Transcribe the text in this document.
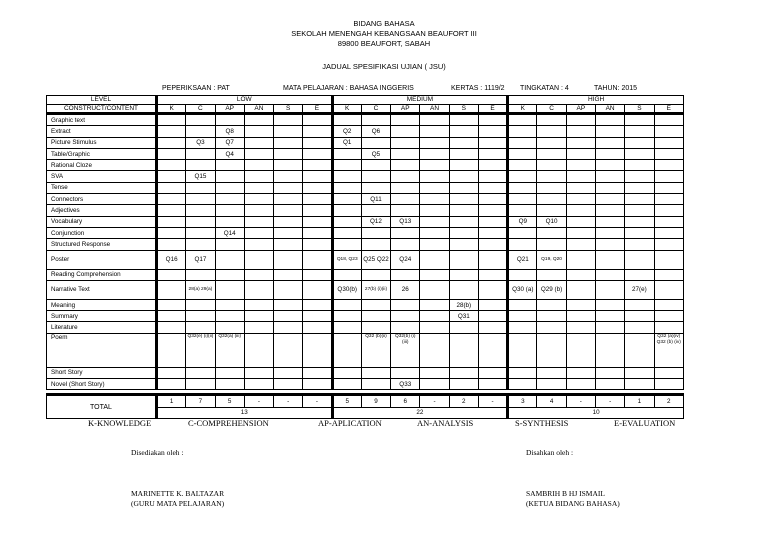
BIDANG BAHASA
SEKOLAH MENENGAH KEBANGSAAN BEAUFORT III
89800 BEAUFORT, SABAH
JADUAL SPESIFIKASI UJIAN ( JSU)
PEPERIKSAAN : PAT	MATA PELAJARAN : BAHASA INGGERIS	KERTAS : 1119/2 TINGKATAN : 4	TAHUN: 2015
LEVEL	LOW						MEDIUM						HIGH					
CONSTRUCT/CONTENT	K	C	AP	AN	S	E	K	C	AP	AN	S	E	K	C	AP	AN	S	E
Graphic text																		
Extract			Q8				Q2	Q6										
Picture Stimulus		Q3	Q7				Q1											
Table/Graphic			Q4					Q5										
Rational Cloze																		
SVA		Q15																
Tense																		
Connectors								Q11										
Adjectives																		
Vocabulary								Q12	Q13				Q9	Q10				
Conjunction			Q14															
Structured Response																		
Poster	Q16	Q17					Q18, Q23	Q25 Q22	Q24				Q21	Q19, Q20				
Reading Comprehension																		
Narrative Text		28(a) 29(a)					Q30(b)	27(b) (i)(ii)	26				Q30 (a)	Q29 (b)			27(e)	
Meaning											28(b)							
Summary											Q31							
Literature																		
Poem		Q32(e) (i)(ii)	Q32(a) (iii)					Q32 (b)(ii)	Q32(b) (i)(iii)									Q32 (a)(iv) Q32 (b) (iv)
Short Story																		
Novel (Short Story)									Q33									

TOTAL	1	7	5	-	-	-	5	9	6	-	2	-	3	4	-	-	1	2
	13						22						10					
K-KNOWLEDGE	C-COMPREHENSION	AP-APLICATION	AN-ANALYSIS	S-SYNTHESIS	E-EVALUATION
Disediakan oleh :	Disahkan oleh :
MARINETTE K. BALTAZAR
(GURU MATA PELAJARAN)
SAMBRIH B HJ ISMAIL
(KETUA BIDANG BAHASA)
